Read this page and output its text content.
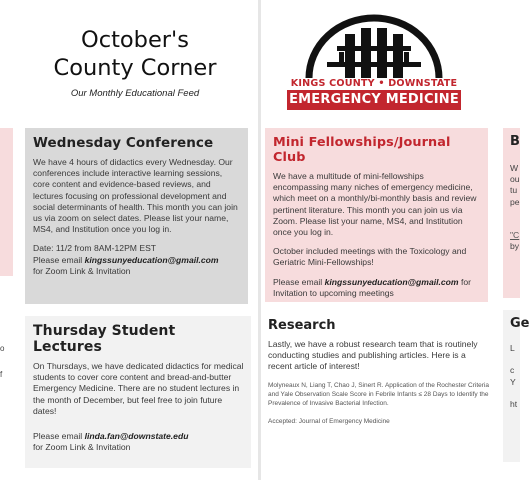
October's
County Corner
Our Monthly Educational Feed
o

f
Wednesday Conference

We have 4 hours of didactics every Wednesday. Our conferences include interactive learning sessions, core content and evidence-based reviews, and lectures focusing on professional development and social determinants of health. This month you can join us via zoom on select dates. Please list your name, MS4, and Institution once you log in.

Date: 11/2 from 8AM-12PM EST

Please email kingssunyeducation@gmail.com

for Zoom Link & Invitation

Thursday Student Lectures

On Thursdays, we have dedicated didactics for medical students to cover core content and bread-and-butter Emergency Medicine. There are no student lectures in the month of December, but feel free to join future dates!

Please email linda.fan@downstate.edu

for Zoom Link & Invitation

KINGS COUNTY • DOWNSTATE
EMERGENCY MEDICINE
Mini Fellowships/Journal Club

We have a multitude of mini-fellowships encompassing many niches of emergency medicine, which meet on a monthly/bi-monthly basis and review pertinent literature. This month you can join us via Zoom. Please list your name, MS4, and Institution once you log in.

October included meetings with the Toxicology and Geriatric Mini-Fellowships!

Please email kingssunyeducation@gmail.com for Invitation to upcoming meetings

Research

Lastly, we have a robust research team that is routinely conducting studies and publishing articles. Here is a recent article of interest!

Molyneaux N, Liang T, Chao J, Sinert R. Application of the Rochester Criteria and Yale Observation Scale Score in Febrile Infants ≤ 28 Days to Identify the Prevalence of Invasive Bacterial Infection.

Accepted: Journal of Emergency Medicine

B
W
ou
tu
pe
"C
by
Ge
L

c
Y

ht
